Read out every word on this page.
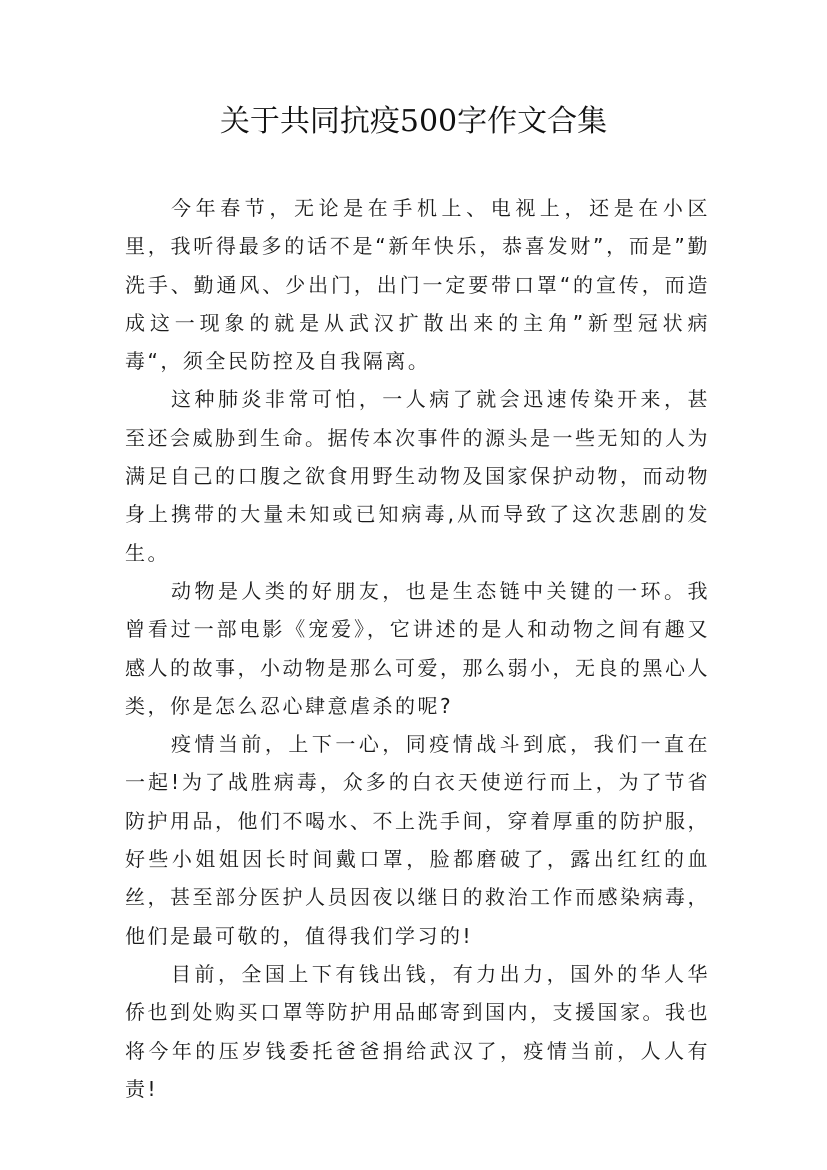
关于共同抗疫500字作文合集

今年春节，无论是在手机上、电视上，还是在小区里，我听得最多的话不是“新年快乐，恭喜发财”，而是”勤洗手、勤通风、少出门，出门一定要带口罩“的宣传，而造成这一现象的就是从武汉扩散出来的主角”新型冠状病毒“，须全民防控及自我隔离。

这种肺炎非常可怕，一人病了就会迅速传染开来，甚至还会威胁到生命。据传本次事件的源头是一些无知的人为满足自己的口腹之欲食用野生动物及国家保护动物，而动物身上携带的大量未知或已知病毒,从而导致了这次悲剧的发生。

动物是人类的好朋友，也是生态链中关键的一环。我曾看过一部电影《宠爱》，它讲述的是人和动物之间有趣又感人的故事，小动物是那么可爱，那么弱小，无良的黑心人类，你是怎么忍心肆意虐杀的呢?

疫情当前，上下一心，同疫情战斗到底，我们一直在一起!为了战胜病毒，众多的白衣天使逆行而上，为了节省防护用品，他们不喝水、不上洗手间，穿着厚重的防护服，好些小姐姐因长时间戴口罩，脸都磨破了，露出红红的血丝，甚至部分医护人员因夜以继日的救治工作而感染病毒，他们是最可敬的，值得我们学习的!

目前，全国上下有钱出钱，有力出力，国外的华人华侨也到处购买口罩等防护用品邮寄到国内，支援国家。我也将今年的压岁钱委托爸爸捐给武汉了，疫情当前，人人有责!
